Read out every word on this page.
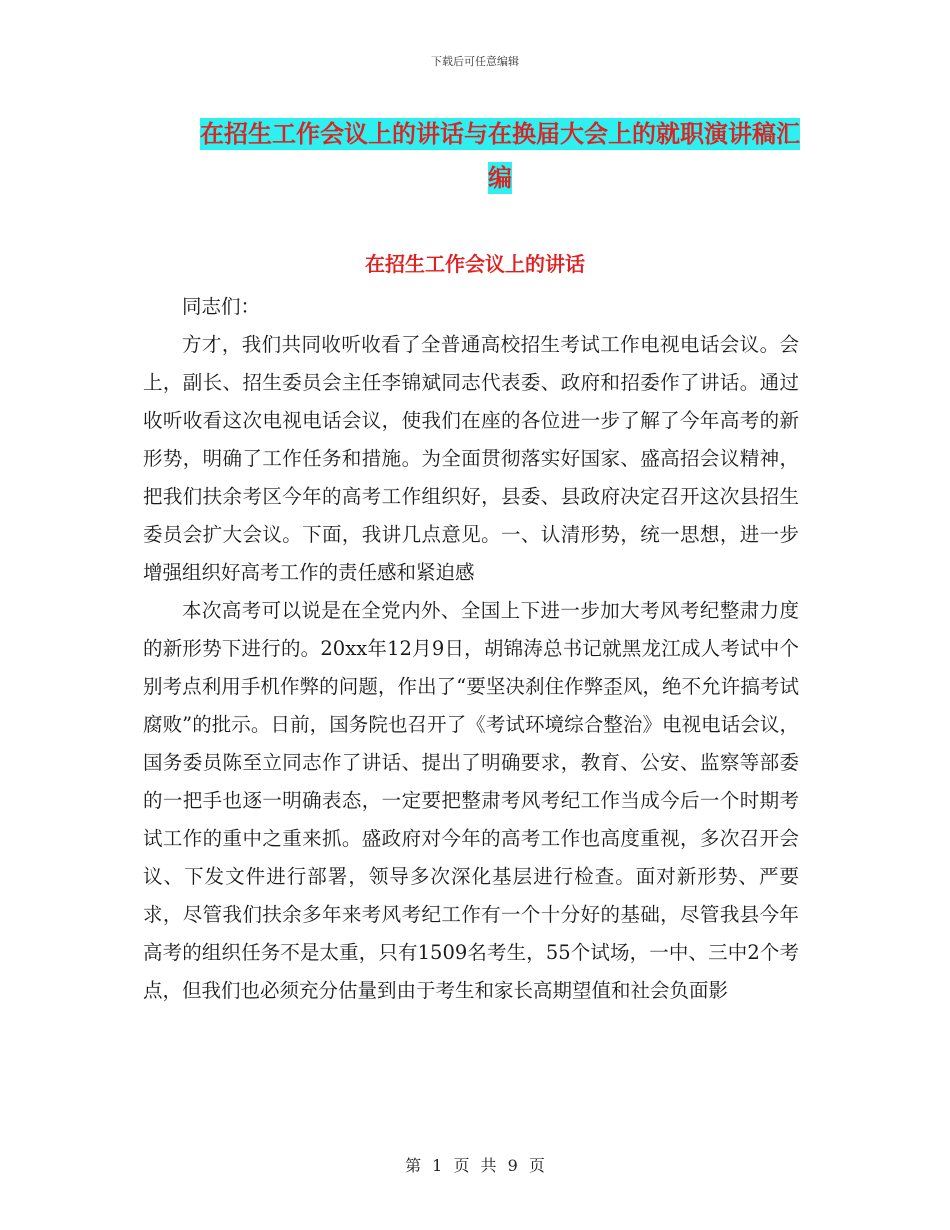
下载后可任意编辑
在招生工作会议上的讲话与在换届大会上的就职演讲稿汇编
在招生工作会议上的讲话

同志们：

方才，我们共同收听收看了全普通高校招生考试工作电视电话会议。会上，副长、招生委员会主任李锦斌同志代表委、政府和招委作了讲话。通过收听收看这次电视电话会议，使我们在座的各位进一步了解了今年高考的新形势，明确了工作任务和措施。为全面贯彻落实好国家、盛高招会议精神，把我们扶余考区今年的高考工作组织好，县委、县政府决定召开这次县招生委员会扩大会议。下面，我讲几点意见。一、认清形势，统一思想，进一步增强组织好高考工作的责任感和紧迫感

本次高考可以说是在全党内外、全国上下进一步加大考风考纪整肃力度的新形势下进行的。20xx年12月9日，胡锦涛总书记就黑龙江成人考试中个别考点利用手机作弊的问题，作出了“要坚决刹住作弊歪风，绝不允许搞考试腐败”的批示。日前，国务院也召开了《考试环境综合整治》电视电话会议，国务委员陈至立同志作了讲话、提出了明确要求，教育、公安、监察等部委的一把手也逐一明确表态，一定要把整肃考风考纪工作当成今后一个时期考试工作的重中之重来抓。盛政府对今年的高考工作也高度重视，多次召开会议、下发文件进行部署，领导多次深化基层进行检查。面对新形势、严要求，尽管我们扶余多年来考风考纪工作有一个十分好的基础，尽管我县今年高考的组织任务不是太重，只有1509名考生，55个试场，一中、三中2个考点，但我们也必须充分估量到由于考生和家长高期望值和社会负面影

第 1 页 共 9 页
